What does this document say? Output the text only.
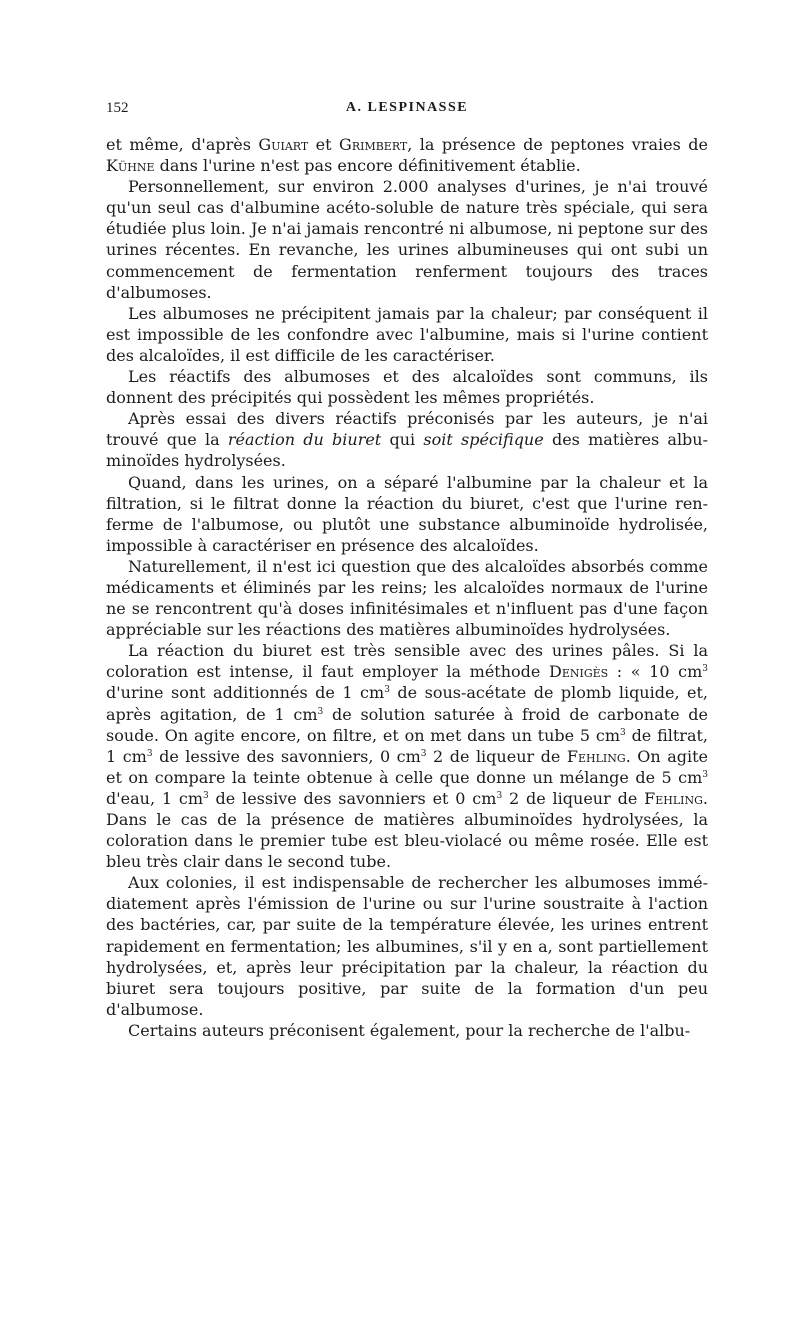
152	A. LESPINASSE

et même, d'après Guiart et Grimbert, la présence de peptones vraies de Kühne dans l'urine n'est pas encore définitivement établie.

Personnellement, sur environ 2.000 analyses d'urines, je n'ai trouvé qu'un seul cas d'albumine acéto-soluble de nature très spéciale, qui sera étudiée plus loin. Je n'ai jamais rencontré ni albumose, ni peptone sur des urines récentes. En revanche, les urines albumineuses qui ont subi un commencement de fermentation renferment toujours des traces d'albumoses.

Les albumoses ne précipitent jamais par la chaleur; par conséquent il est impossible de les confondre avec l'albumine, mais si l'urine contient des alcaloïdes, il est difficile de les caractériser.

Les réactifs des albumoses et des alcaloïdes sont communs, ils donnent des précipités qui possèdent les mêmes propriétés.

Après essai des divers réactifs préconisés par les auteurs, je n'ai trouvé que la réaction du biuret qui soit spécifique des matières albuminoïdes hydrolysées.

Quand, dans les urines, on a séparé l'albumine par la chaleur et la filtration, si le filtrat donne la réaction du biuret, c'est que l'urine renferme de l'albumose, ou plutôt une substance albuminoïde hydrolisée, impossible à caractériser en présence des alcaloïdes.

Naturellement, il n'est ici question que des alcaloïdes absorbés comme médicaments et éliminés par les reins; les alcaloïdes normaux de l'urine ne se rencontrent qu'à doses infinitésimales et n'influent pas d'une façon appréciable sur les réactions des matières albuminoïdes hydrolysées.

La réaction du biuret est très sensible avec des urines pâles. Si la coloration est intense, il faut employer la méthode Denigès : « 10 $cm^3$ d'urine sont additionnés de 1 $cm^3$ de sous-acétate de plomb liquide, et, après agitation, de 1 $cm^3$ de solution saturée à froid de carbonate de soude. On agite encore, on filtre, et on met dans un tube 5 $cm^3$ de filtrat, 1 $cm^3$ de lessive des savonniers, 0 $cm^3$ 2 de liqueur de Fehling. On agite et on compare la teinte obtenue à celle que donne un mélange de 5 $cm^3$ d'eau, 1 $cm^3$ de lessive des savonniers et 0 $cm^3$ 2 de liqueur de Fehling. Dans le cas de la présence de matières albuminoïdes hydrolysées, la coloration dans le premier tube est bleu-violacé ou même rosée. Elle est bleu très clair dans le second tube.

Aux colonies, il est indispensable de rechercher les albumoses immédiatement après l'émission de l'urine ou sur l'urine soustraite à l'action des bactéries, car, par suite de la température élevée, les urines entrent rapidement en fermentation; les albumines, s'il y en a, sont partiellement hydrolysées, et, après leur précipitation par la chaleur, la réaction du biuret sera toujours positive, par suite de la formation d'un peu d'albumose.

Certains auteurs préconisent également, pour la recherche de l'albu-
